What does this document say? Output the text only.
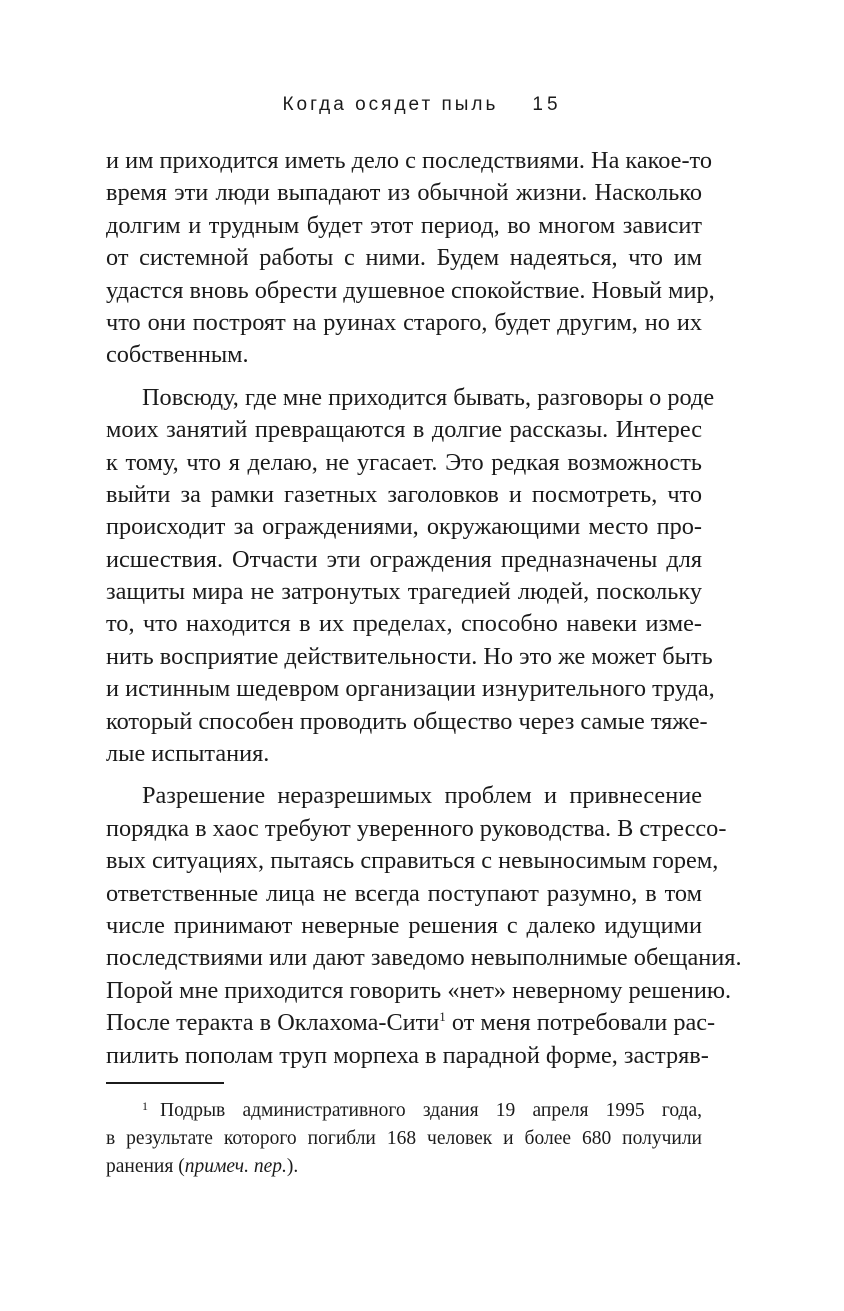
Когда осядет пыль 15
и им приходится иметь дело с последствиями. На какое-то
время эти люди выпадают из обычной жизни. Насколько
долгим и трудным будет этот период, во многом зависит
от системной работы с ними. Будем надеяться, что им
удастся вновь обрести душевное спокойствие. Новый мир,
что они построят на руинах старого, будет другим, но их
собственным.
Повсюду, где мне приходится бывать, разговоры о роде
моих занятий превращаются в долгие рассказы. Интерес
к тому, что я делаю, не угасает. Это редкая возможность
выйти за рамки газетных заголовков и посмотреть, что
происходит за ограждениями, окружающими место про-
исшествия. Отчасти эти ограждения предназначены для
защиты мира не затронутых трагедией людей, поскольку
то, что находится в их пределах, способно навеки изме-
нить восприятие действительности. Но это же может быть
и истинным шедевром организации изнурительного труда,
который способен проводить общество через самые тяже-
лые испытания.
Разрешение неразрешимых проблем и привнесение
порядка в хаос требуют уверенного руководства. В стрессо-
вых ситуациях, пытаясь справиться с невыносимым горем,
ответственные лица не всегда поступают разумно, в том
числе принимают неверные решения с далеко идущими
последствиями или дают заведомо невыполнимые обещания.
Порой мне приходится говорить «нет» неверному решению.
После теракта в Оклахома-Сити$^1$ от меня потребовали рас-
пилить пополам труп морпеха в парадной форме, застряв-
$^1$ Подрыв административного здания 19 апреля 1995 года,
в результате которого погибли 168 человек и более 680 получили
ранения (примеч. пер.).
